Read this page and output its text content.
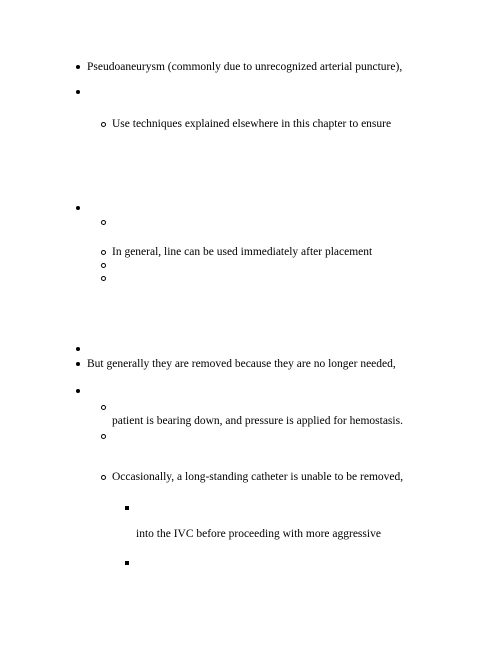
Pseudoaneurysm (commonly due to unrecognized arterial puncture),
Use techniques explained elsewhere in this chapter to ensure
In general, line can be used immediately after placement
But generally they are removed because they are no longer needed,
patient is bearing down, and pressure is applied for hemostasis.
Occasionally, a long-standing catheter is unable to be removed,
into the IVC before proceeding with more aggressive
